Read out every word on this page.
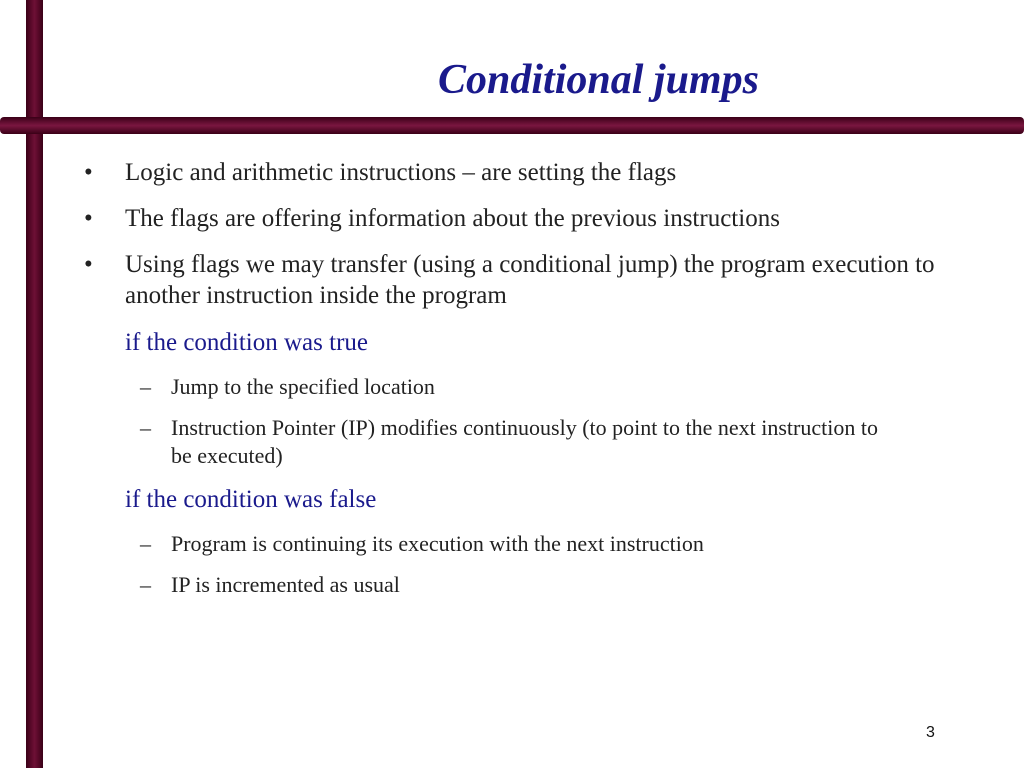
Conditional jumps
• Logic and arithmetic instructions – are setting the flags
• The flags are offering information about the previous instructions
• Using flags we may transfer (using a conditional jump) the program execution to another instruction inside the program
if the condition was true
– Jump to the specified location
– Instruction Pointer (IP) modifies continuously (to point to the next instruction to be executed)
if the condition was false
– Program is continuing its execution with the next instruction
– IP is incremented as usual
3
